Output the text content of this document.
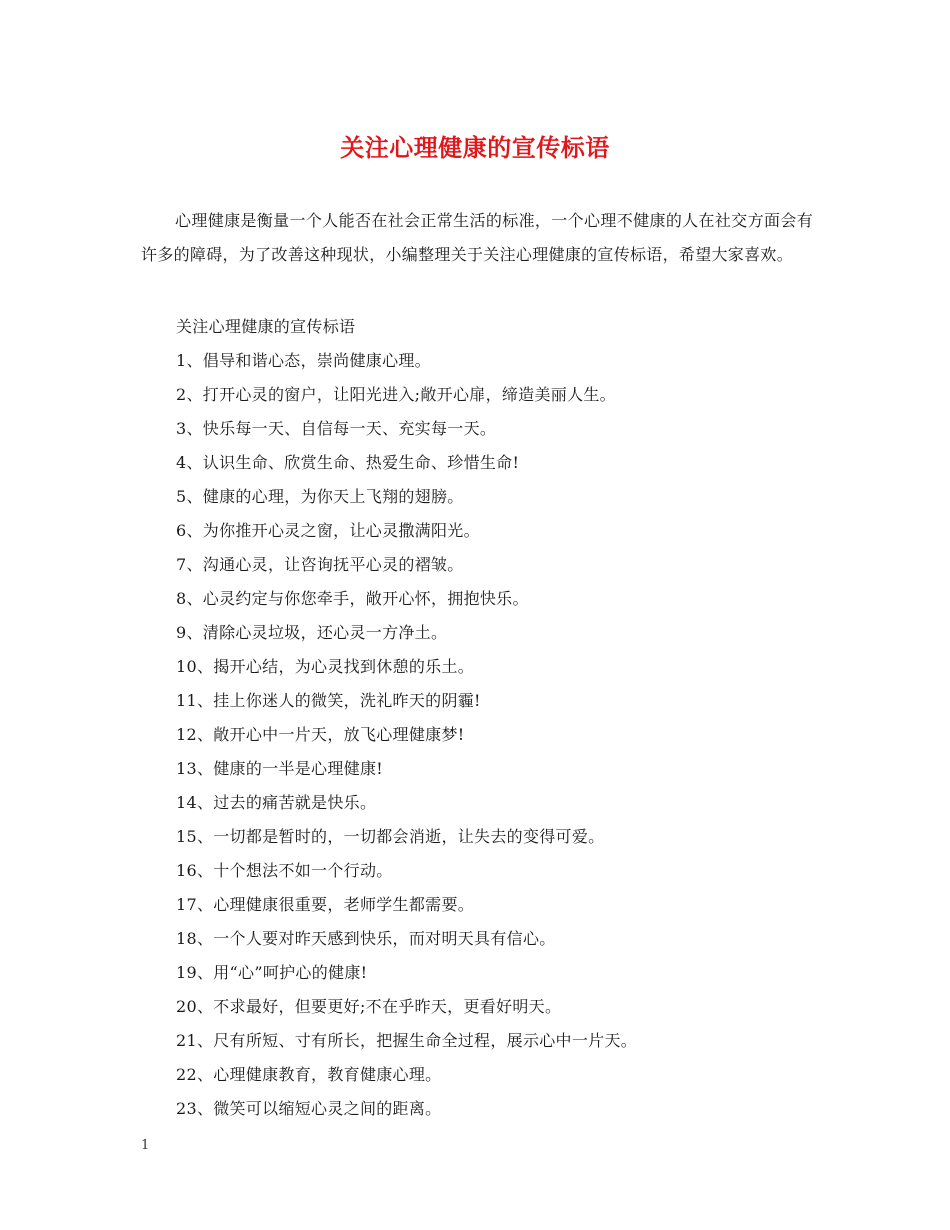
关注心理健康的宣传标语
心理健康是衡量一个人能否在社会正常生活的标准，一个心理不健康的人在社交方面会有许多的障碍，为了改善这种现状，小编整理关于关注心理健康的宣传标语，希望大家喜欢。
关注心理健康的宣传标语
1、倡导和谐心态，崇尚健康心理。
2、打开心灵的窗户，让阳光进入;敞开心扉，缔造美丽人生。
3、快乐每一天、自信每一天、充实每一天。
4、认识生命、欣赏生命、热爱生命、珍惜生命!
5、健康的心理，为你天上飞翔的翅膀。
6、为你推开心灵之窗，让心灵撒满阳光。
7、沟通心灵，让咨询抚平心灵的褶皱。
8、心灵约定与你您牵手，敞开心怀，拥抱快乐。
9、清除心灵垃圾，还心灵一方净土。
10、揭开心结，为心灵找到休憩的乐土。
11、挂上你迷人的微笑，洗礼昨天的阴霾!
12、敞开心中一片天，放飞心理健康梦!
13、健康的一半是心理健康!
14、过去的痛苦就是快乐。
15、一切都是暂时的，一切都会消逝，让失去的变得可爱。
16、十个想法不如一个行动。
17、心理健康很重要，老师学生都需要。
18、一个人要对昨天感到快乐，而对明天具有信心。
19、用“心”呵护心的健康!
20、不求最好，但要更好;不在乎昨天，更看好明天。
21、尺有所短、寸有所长，把握生命全过程，展示心中一片天。
22、心理健康教育，教育健康心理。
23、微笑可以缩短心灵之间的距离。
1
